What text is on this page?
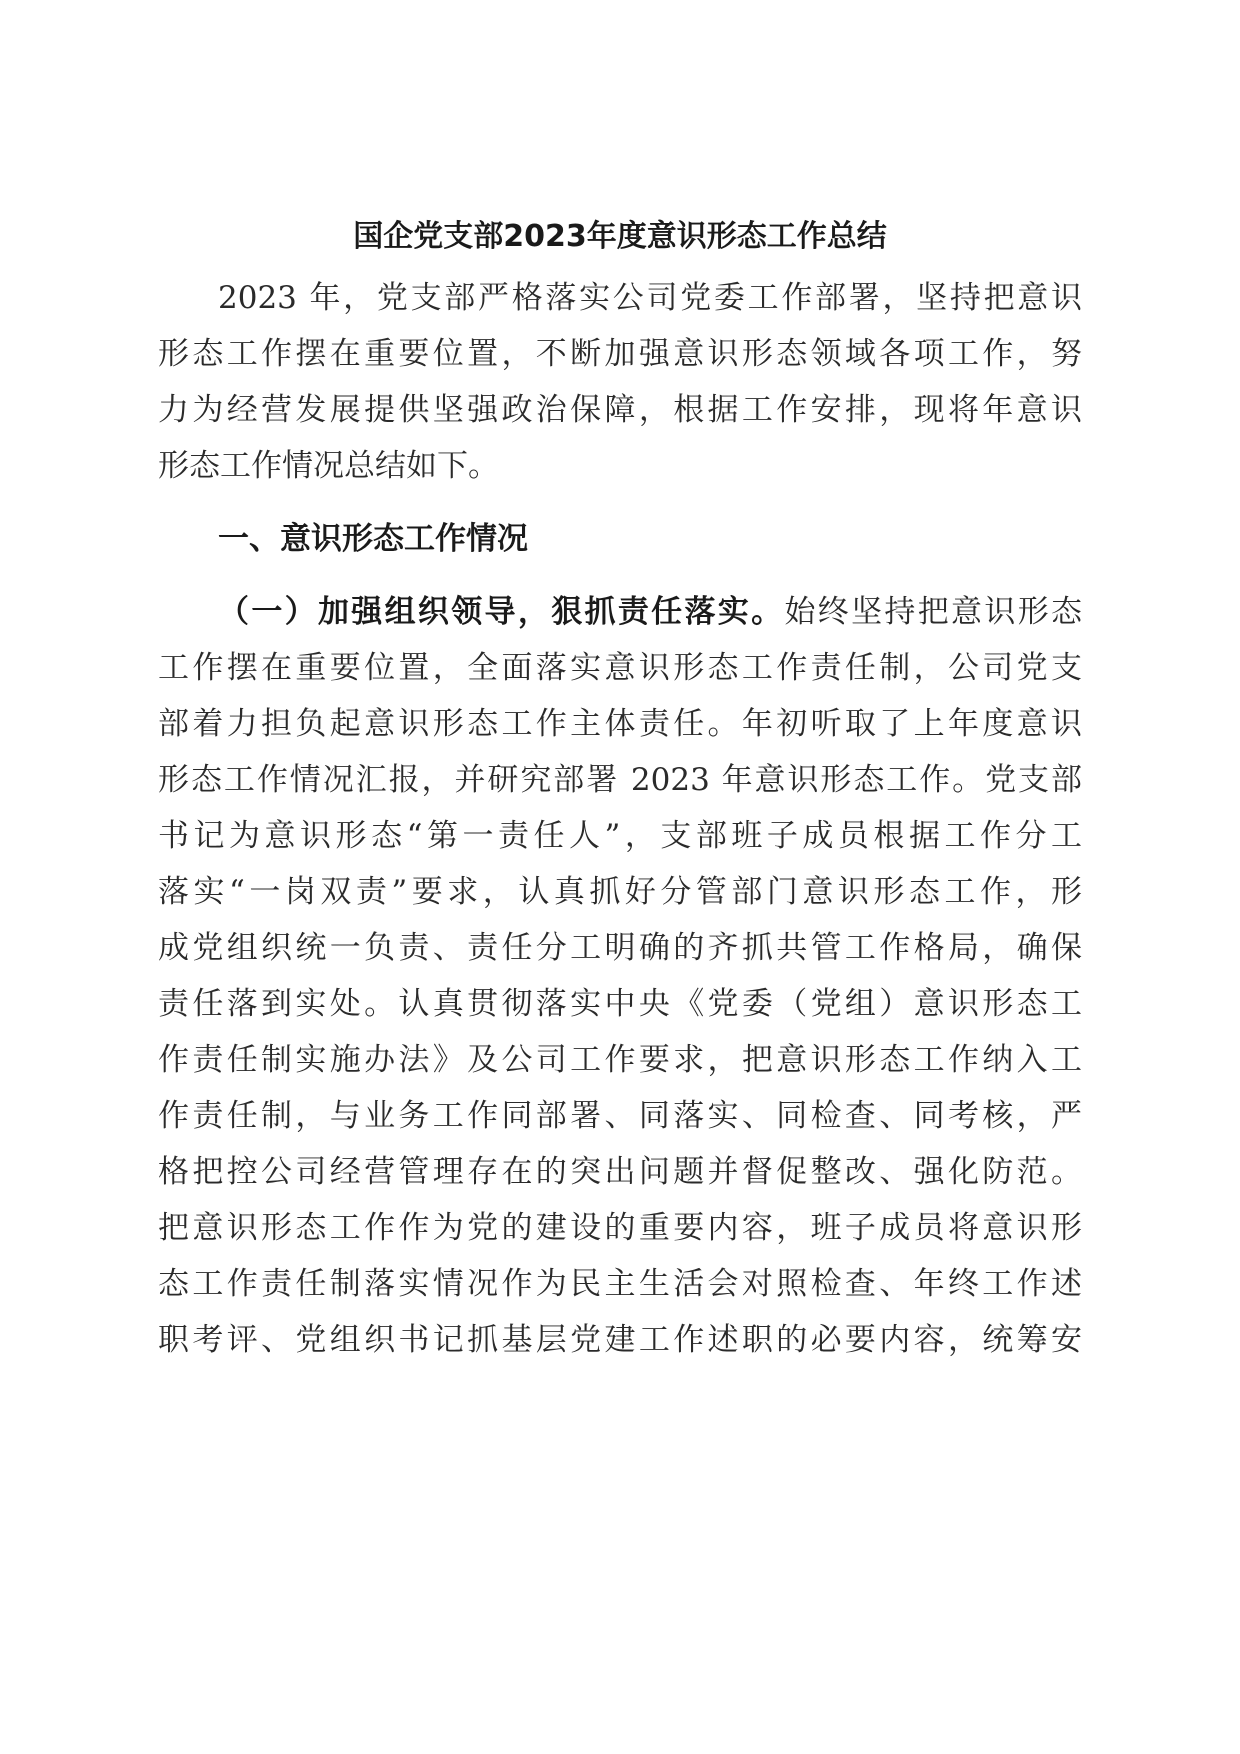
国企党支部2023年度意识形态工作总结
2023 年，党支部严格落实公司党委工作部署，坚持把意识
形态工作摆在重要位置，不断加强意识形态领域各项工作，努
力为经营发展提供坚强政治保障，根据工作安排，现将年意识
形态工作情况总结如下。
一、意识形态工作情况
（一）加强组织领导，狠抓责任落实。始终坚持把意识形态
工作摆在重要位置，全面落实意识形态工作责任制，公司党支
部着力担负起意识形态工作主体责任。年初听取了上年度意识
形态工作情况汇报，并研究部署 2023 年意识形态工作。党支部
书记为意识形态“第一责任人”，支部班子成员根据工作分工
落实“一岗双责”要求，认真抓好分管部门意识形态工作，形
成党组织统一负责、责任分工明确的齐抓共管工作格局，确保
责任落到实处。认真贯彻落实中央《党委（党组）意识形态工
作责任制实施办法》及公司工作要求，把意识形态工作纳入工
作责任制，与业务工作同部署、同落实、同检查、同考核，严
格把控公司经营管理存在的突出问题并督促整改、强化防范。
把意识形态工作作为党的建设的重要内容，班子成员将意识形
态工作责任制落实情况作为民主生活会对照检查、年终工作述
职考评、党组织书记抓基层党建工作述职的必要内容，统筹安
